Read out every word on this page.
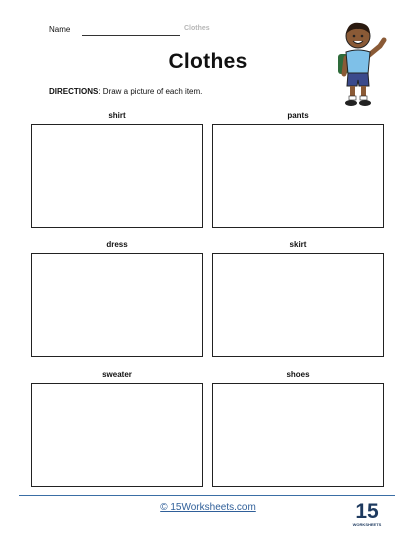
Name	Clothes
Clothes
DIRECTIONS: Draw a picture of each item.
shirt	pants
dress	skirt
sweater	shoes
© 15Worksheets.com	15
WORKSHEETS
